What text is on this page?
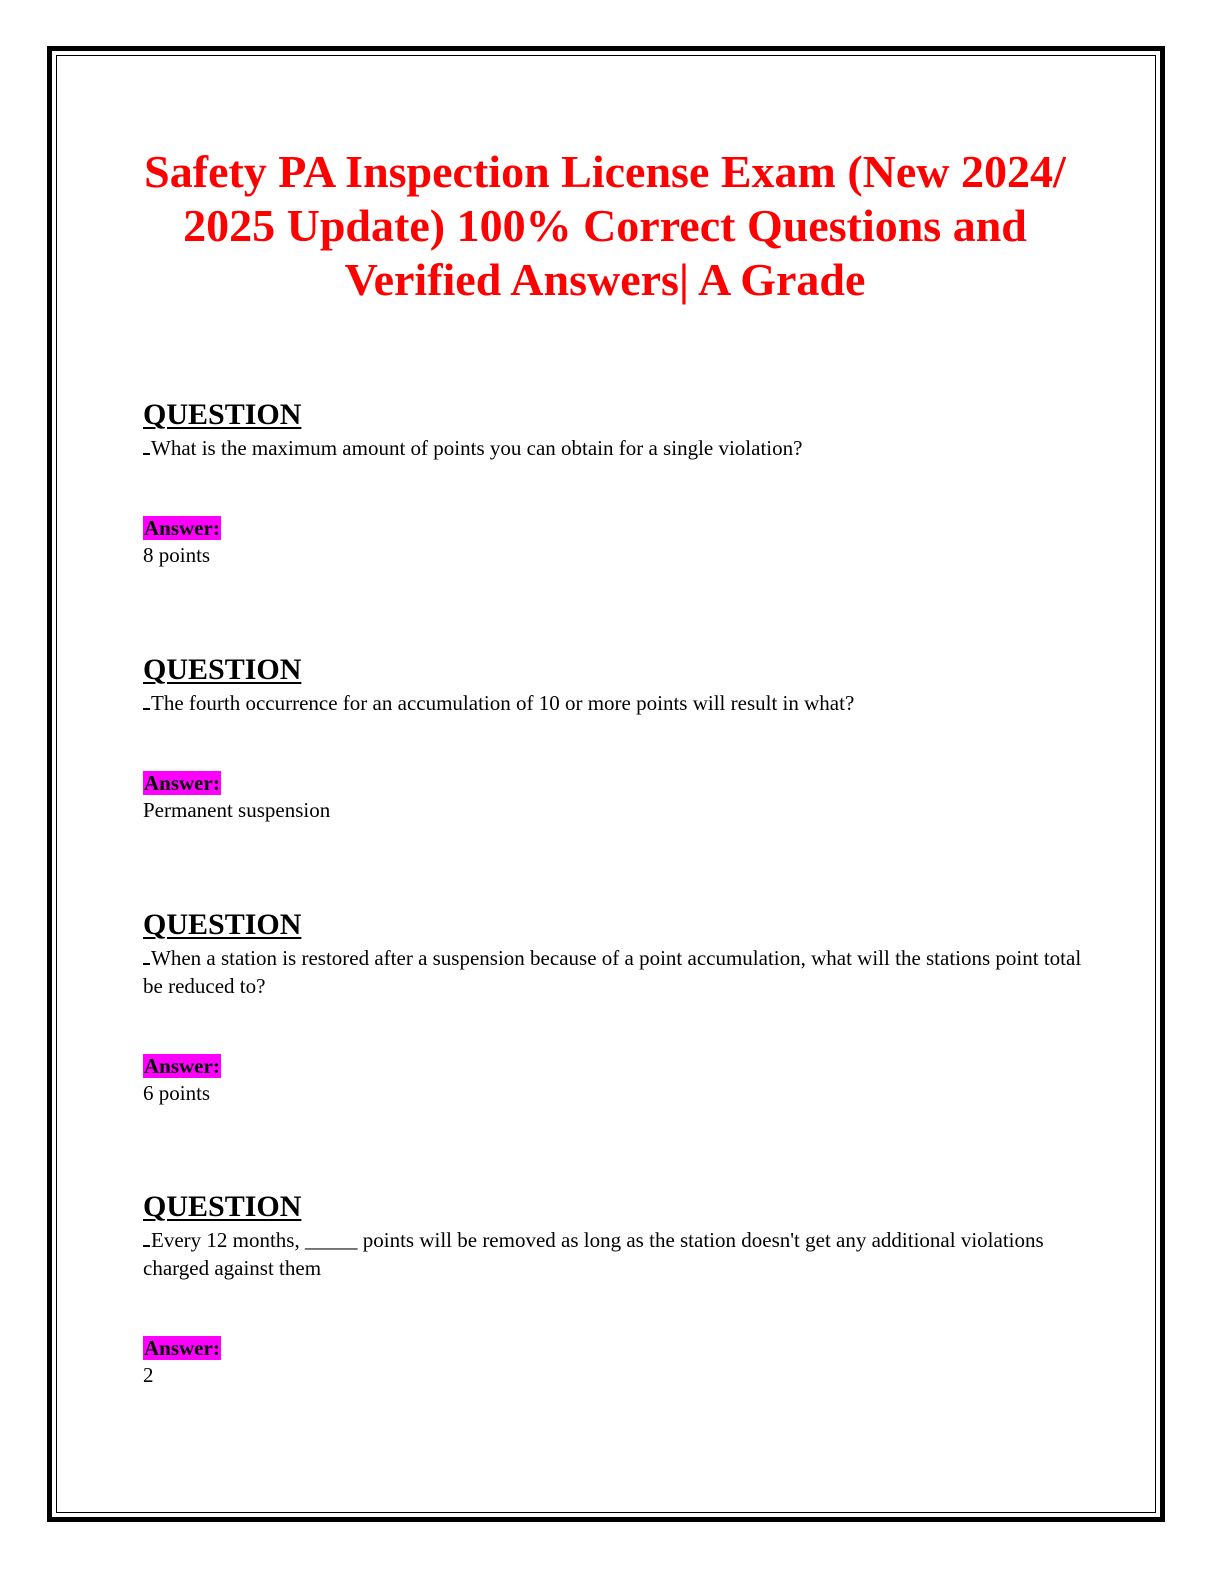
Safety PA Inspection License Exam (New 2024/ 2025 Update) 100% Correct Questions and Verified Answers| A Grade
QUESTION
What is the maximum amount of points you can obtain for a single violation?
Answer:
8 points
QUESTION
The fourth occurrence for an accumulation of 10 or more points will result in what?
Answer:
Permanent suspension
QUESTION
When a station is restored after a suspension because of a point accumulation, what will the stations point total be reduced to?
Answer:
6 points
QUESTION
Every 12 months, _____ points will be removed as long as the station doesn't get any additional violations charged against them
Answer:
2
